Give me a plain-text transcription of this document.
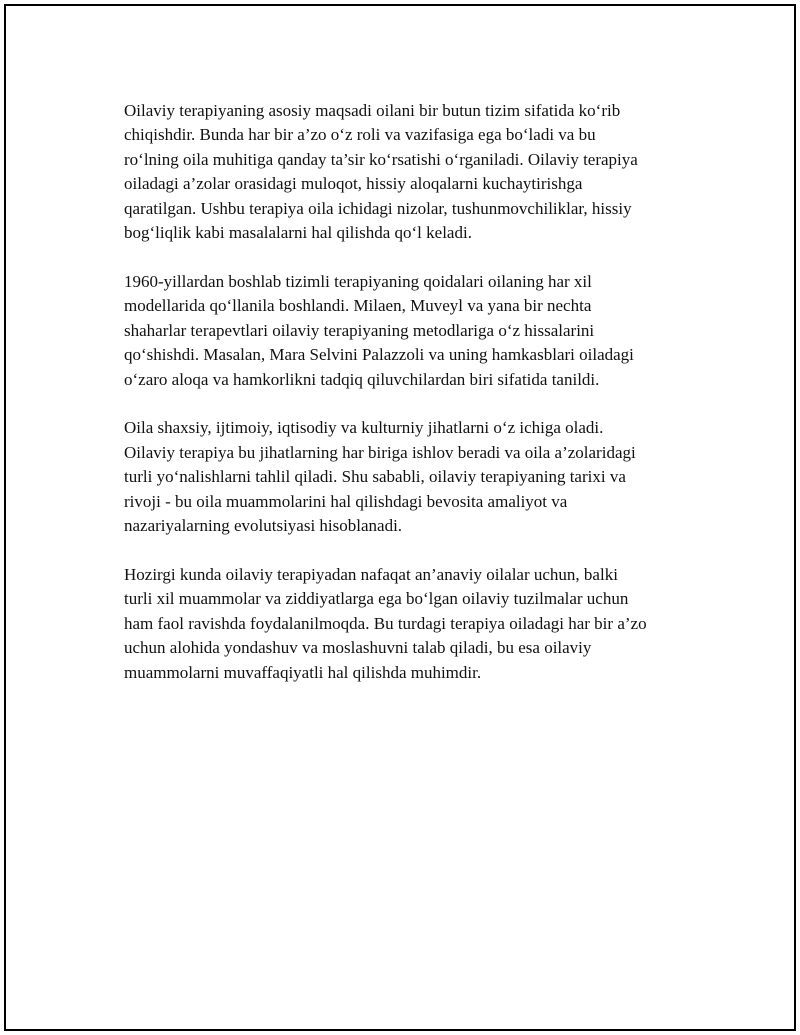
Oilaviy terapiyaning asosiy maqsadi oilani bir butun tizim sifatida ko‘rib
chiqishdir. Bunda har bir a’zo o‘z roli va vazifasiga ega bo‘ladi va bu
ro‘lning oila muhitiga qanday ta’sir ko‘rsatishi o‘rganiladi. Oilaviy terapiya
oiladagi a’zolar orasidagi muloqot, hissiy aloqalarni kuchaytirishga
qaratilgan. Ushbu terapiya oila ichidagi nizolar, tushunmovchiliklar, hissiy
bog‘liqlik kabi masalalarni hal qilishda qo‘l keladi.

1960-yillardan boshlab tizimli terapiyaning qoidalari oilaning har xil
modellarida qo‘llanila boshlandi. Milaen, Muveyl va yana bir nechta
shaharlar terapevtlari oilaviy terapiyaning metodlariga o‘z hissalarini
qo‘shishdi. Masalan, Mara Selvini Palazzoli va uning hamkasblari oiladagi
o‘zaro aloqa va hamkorlikni tadqiq qiluvchilardan biri sifatida tanildi.

Oila shaxsiy, ijtimoiy, iqtisodiy va kulturniy jihatlarni o‘z ichiga oladi.
Oilaviy terapiya bu jihatlarning har biriga ishlov beradi va oila a’zolaridagi
turli yo‘nalishlarni tahlil qiladi. Shu sababli, oilaviy terapiyaning tarixi va
rivoji - bu oila muammolarini hal qilishdagi bevosita amaliyot va
nazariyalarning evolutsiyasi hisoblanadi.

Hozirgi kunda oilaviy terapiyadan nafaqat an’anaviy oilalar uchun, balki
turli xil muammolar va ziddiyatlarga ega bo‘lgan oilaviy tuzilmalar uchun
ham faol ravishda foydalanilmoqda. Bu turdagi terapiya oiladagi har bir a’zo
uchun alohida yondashuv va moslashuvni talab qiladi, bu esa oilaviy
muammolarni muvaffaqiyatli hal qilishda muhimdir.
